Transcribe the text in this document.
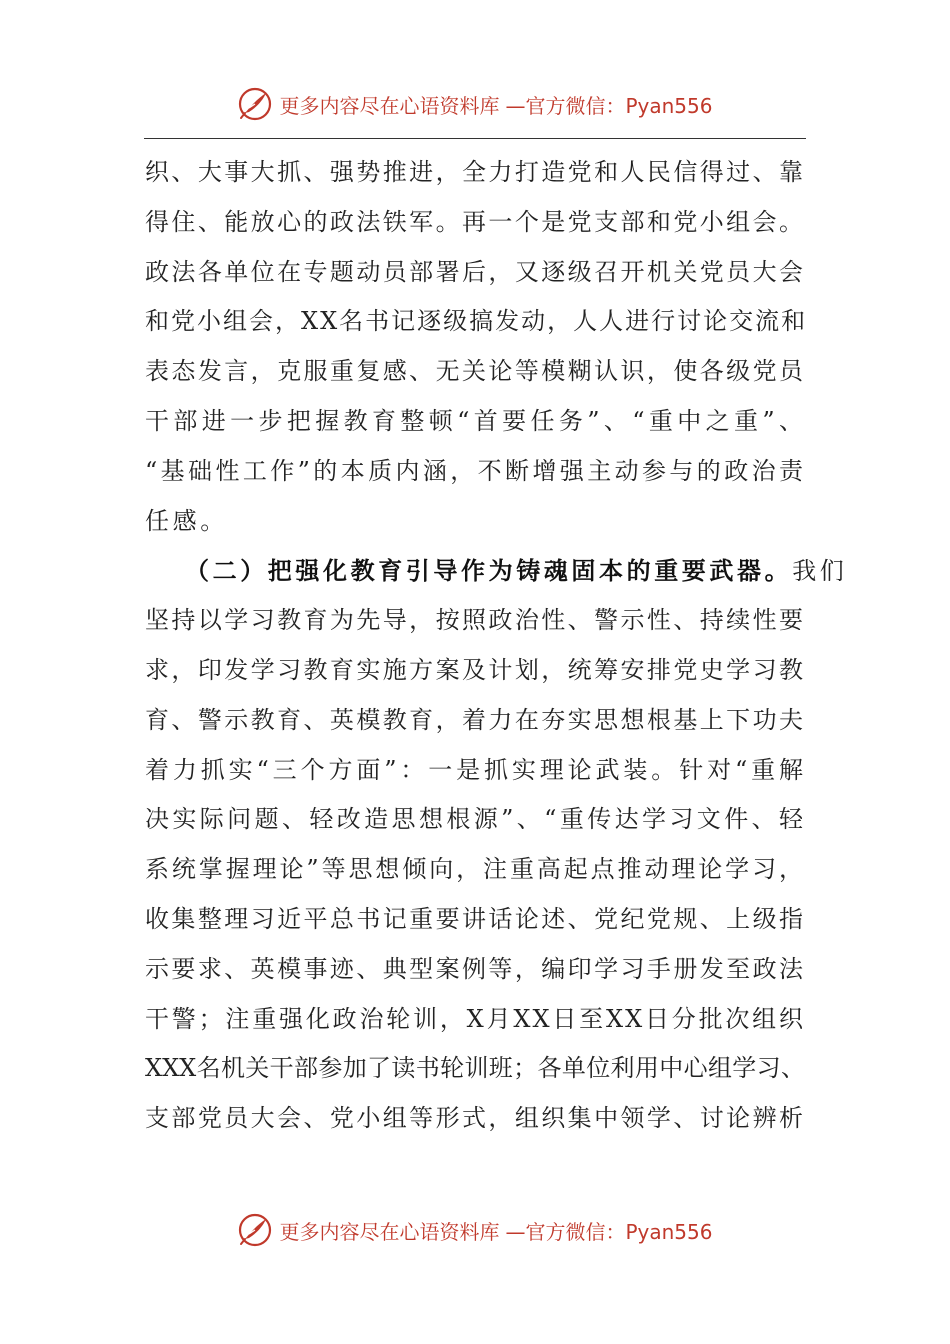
更多内容尽在心语资料库 —官方微信：Pyan556
织、大事大抓、强势推进，全力打造党和人民信得过、靠
得住、能放心的政法铁军。再一个是党支部和党小组会。
政法各单位在专题动员部署后，又逐级召开机关党员大会
和党小组会，XX名书记逐级搞发动，人人进行讨论交流和
表态发言，克服重复感、无关论等模糊认识，使各级党员
干部进一步把握教育整顿“首要任务”、“重中之重”、
“基础性工作”的本质内涵，不断增强主动参与的政治责
任感。
（二）把强化教育引导作为铸魂固本的重要武器。我们
坚持以学习教育为先导，按照政治性、警示性、持续性要
求，印发学习教育实施方案及计划，统筹安排党史学习教
育、警示教育、英模教育，着力在夯实思想根基上下功夫
着力抓实“三个方面”：一是抓实理论武装。针对“重解
决实际问题、轻改造思想根源”、“重传达学习文件、轻
系统掌握理论”等思想倾向，注重高起点推动理论学习，
收集整理习近平总书记重要讲话论述、党纪党规、上级指
示要求、英模事迹、典型案例等，编印学习手册发至政法
干警；注重强化政治轮训，X月XX日至XX日分批次组织
XXX名机关干部参加了读书轮训班；各单位利用中心组学习、
支部党员大会、党小组等形式，组织集中领学、讨论辨析
更多内容尽在心语资料库 —官方微信：Pyan556
